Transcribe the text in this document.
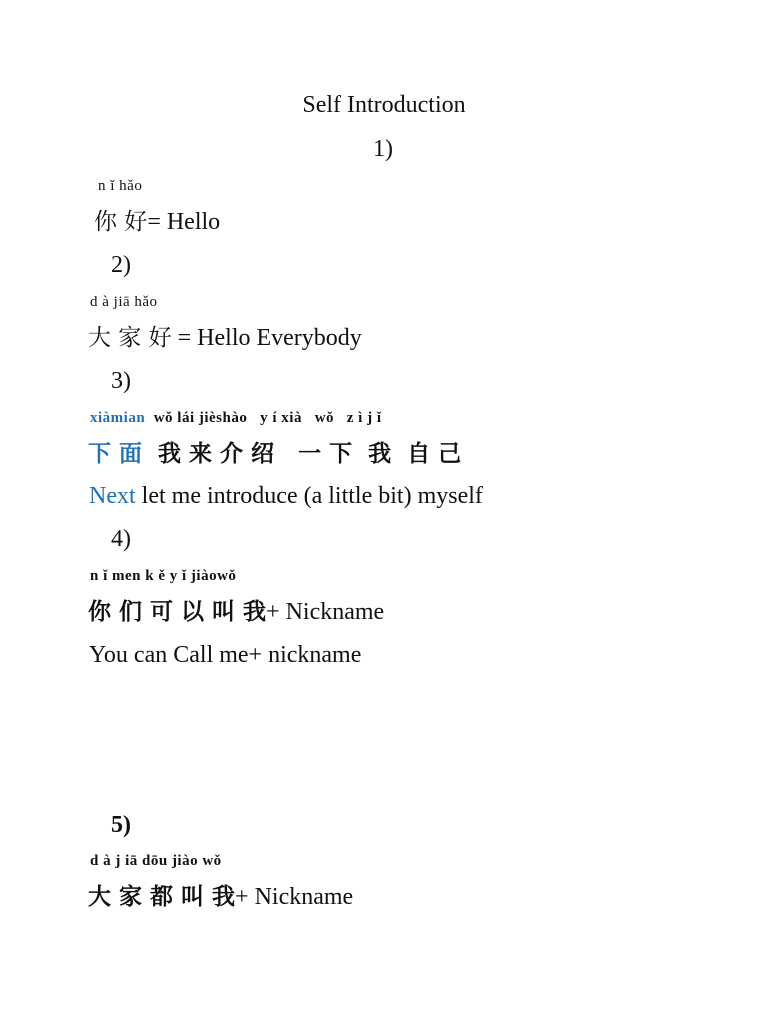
Self Introduction
1)
n ǐ hǎo
你 好= Hello
2)
d à jiā hǎo
大 家 好 = Hello Everybody
3)
xiàmian  wǒ lái jièshào   y í xià   wǒ   z ì j ǐ
下 面  我 来 介 绍   一 下  我  自 己
Next let me introduce (a little bit) myself
4)
n ǐ men k ě y ǐ jiàowǒ
你 们 可 以 叫 我+ Nickname
You can Call me+ nickname
5)
d à j iā dōu jiào wǒ
大 家 都 叫 我+ Nickname
